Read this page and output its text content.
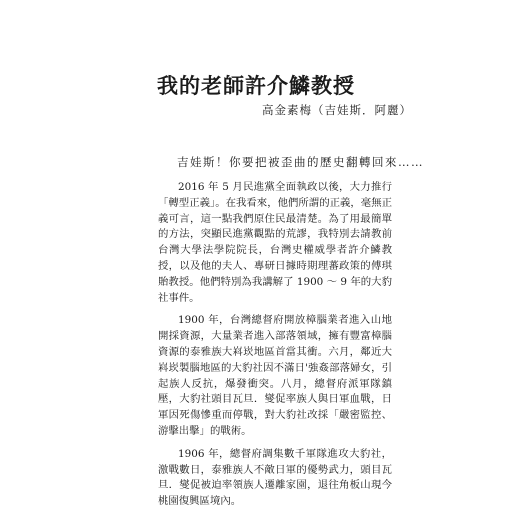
我的老師許介鱗教授
高金素梅（吉娃斯．阿麗）
吉娃斯！你要把被歪曲的歷史翻轉回來……

2016 年 5 月民進黨全面執政以後，大力推行「轉型正義」。在我看來，他們所謂的正義，毫無正義可言，這一點我們原住民最清楚。為了用最簡單的方法，突顯民進黨觀點的荒謬，我特別去請教前台灣大學法學院院長，台灣史權威學者許介鱗教授，以及他的夫人、專研日據時期理蕃政策的傅琪貽教授。他們特別為我講解了 1900 ～ 9 年的大豹社事件。

1900 年，台灣總督府開放樟腦業者進入山地開採資源，大量業者進入部落領域，擁有豐富樟腦資源的泰雅族大嵙崁地區首當其衝。六月，鄰近大嵙崁製腦地區的大豹社因不滿日'強姦部落婦女，引起族人反抗，爆發衝突。八月，總督府派軍隊鎮壓，大豹社頭目瓦旦．燮促率族人與日軍血戰，日軍因死傷慘重而停戰，對大豹社改採「嚴密監控、游擊出擊」的戰術。

1906 年，總督府調集數千軍隊進攻大豹社，激戰數日，泰雅族人不敵日軍的優勢武力，頭目瓦旦．燮促被迫率領族人遷離家園，退往角板山現今桃園復興區境內。
